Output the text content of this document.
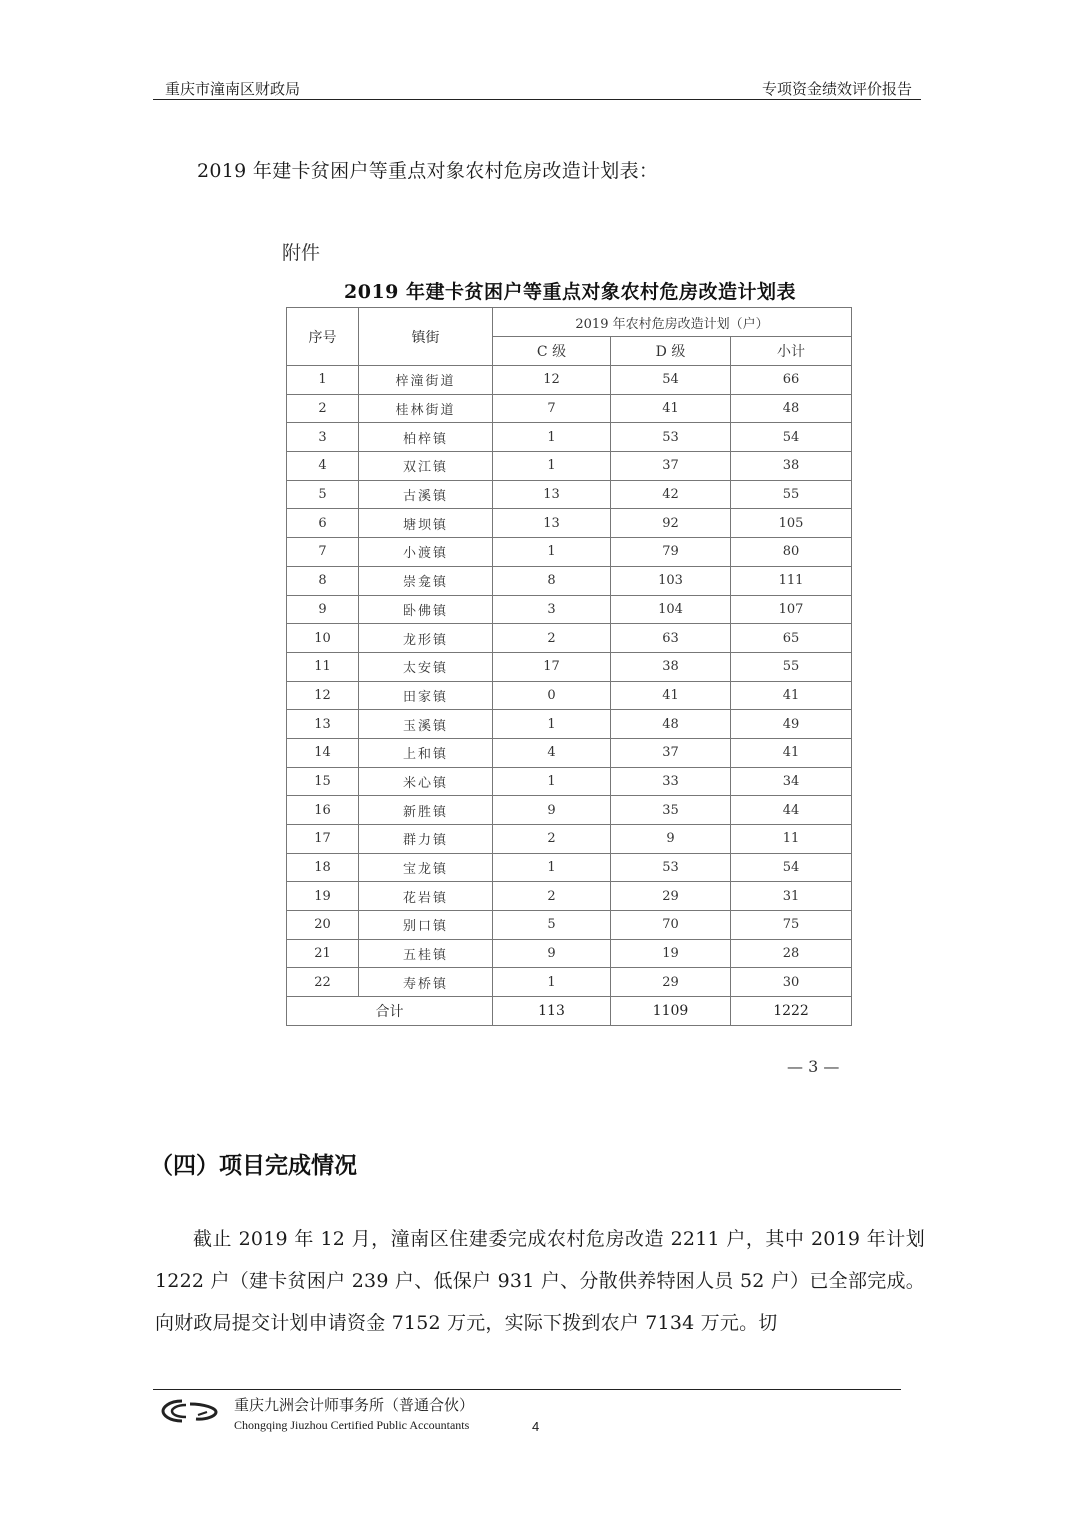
重庆市潼南区财政局	专项资金绩效评价报告
2019 年建卡贫困户等重点对象农村危房改造计划表：
附件
2019 年建卡贫困户等重点对象农村危房改造计划表
序号	镇街	2019 年农村危房改造计划（户）		
		C 级	D 级	小计
1	梓潼街道	12	54	66
2	桂林街道	7	41	48
3	柏梓镇	1	53	54
4	双江镇	1	37	38
5	古溪镇	13	42	55
6	塘坝镇	13	92	105
7	小渡镇	1	79	80
8	崇龛镇	8	103	111
9	卧佛镇	3	104	107
10	龙形镇	2	63	65
11	太安镇	17	38	55
12	田家镇	0	41	41
13	玉溪镇	1	48	49
14	上和镇	4	37	41
15	米心镇	1	33	34
16	新胜镇	9	35	44
17	群力镇	2	9	11
18	宝龙镇	1	53	54
19	花岩镇	2	29	31
20	别口镇	5	70	75
21	五桂镇	9	19	28
22	寿桥镇	1	29	30
合计		113	1109	1222
— 3 —
（四）项目完成情况
截止 2019 年 12 月，潼南区住建委完成农村危房改造 2211 户，其中 2019 年计划 1222 户（建卡贫困户 239 户、低保户 931 户、分散供养特困人员 52 户）已全部完成。向财政局提交计划申请资金 7152 万元，实际下拨到农户 7134 万元。切
重庆九洲会计师事务所（普通合伙）
Chongqing Jiuzhou Certified Public Accountants	4
